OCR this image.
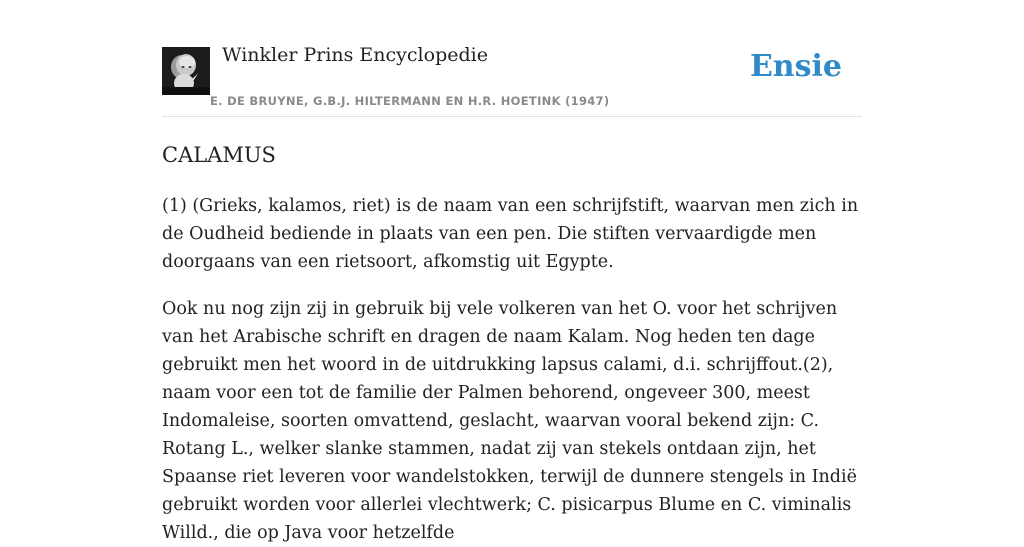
Winkler Prins Encyclopedie
E. DE BRUYNE, G.B.J. HILTERMANN EN H.R. HOETINK (1947)
Ensie
CALAMUS

(1) (Grieks, kalamos, riet) is de naam van een schrijfstift, waarvan men zich in de Oudheid bediende in plaats van een pen. Die stiften vervaardigde men doorgaans van een rietsoort, afkomstig uit Egypte.

Ook nu nog zijn zij in gebruik bij vele volkeren van het O. voor het schrijven van het Arabische schrift en dragen de naam Kalam. Nog heden ten dage gebruikt men het woord in de uitdrukking lapsus calami, d.i. schrijffout.(2), naam voor een tot de familie der Palmen behorend, ongeveer 300, meest Indomaleise, soorten omvattend, geslacht, waarvan vooral bekend zijn: C. Rotang L., welker slanke stammen, nadat zij van stekels ontdaan zijn, het Spaanse riet leveren voor wandelstokken, terwijl de dunnere stengels in Indië gebruikt worden voor allerlei vlechtwerk; C. pisicarpus Blume en C. viminalis Willd., die op Java voor hetzelfde
